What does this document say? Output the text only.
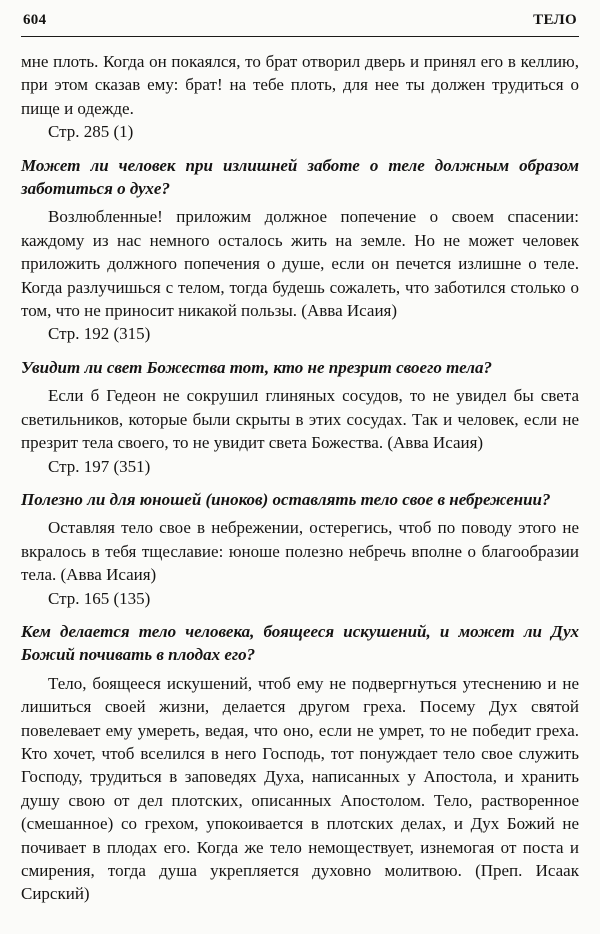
604	ТЕЛО

мне плоть. Когда он покаялся, то брат отворил дверь и принял его в келлию, при этом сказав ему: брат! на тебе плоть, для нее ты должен трудиться о пище и одежде.

Стр. 285 (1)

Может ли человек при излишней заботе о теле должным образом заботиться о духе?

Возлюбленные! приложим должное попечение о своем спасении: каждому из нас немного осталось жить на земле. Но не может человек приложить должного попечения о душе, если он печется излишне о теле. Когда разлучишься с телом, тогда будешь сожалеть, что заботился столько о том, что не приносит никакой пользы. (Авва Исаия)

Стр. 192 (315)

Увидит ли свет Божества тот, кто не презрит своего тела?

Если б Гедеон не сокрушил глиняных сосудов, то не увидел бы света светильников, которые были скрыты в этих сосудах. Так и человек, если не презрит тела своего, то не увидит света Божества. (Авва Исаия)

Стр. 197 (351)

Полезно ли для юношей (иноков) оставлять тело свое в небрежении?

Оставляя тело свое в небрежении, остерегись, чтоб по поводу этого не вкралось в тебя тщеславие: юноше полезно небречь вполне о благообразии тела. (Авва Исаия)

Стр. 165 (135)

Кем делается тело человека, боящееся искушений, и может ли Дух Божий почивать в плодах его?

Тело, боящееся искушений, чтоб ему не подвергнуться утеснению и не лишиться своей жизни, делается другом греха. Посему Дух святой повелевает ему умереть, ведая, что оно, если не умрет, то не победит греха. Кто хочет, чтоб вселился в него Господь, тот понуждает тело свое служить Господу, трудиться в заповедях Духа, написанных у Апостола, и хранить душу свою от дел плотских, описанных Апостолом. Тело, растворенное (смешанное) со грехом, упокоивается в плотских делах, и Дух Божий не почивает в плодах его. Когда же тело немоществует, изнемогая от поста и смирения, тогда душа укрепляется духовно молитвою. (Преп. Исаак Сирский)
